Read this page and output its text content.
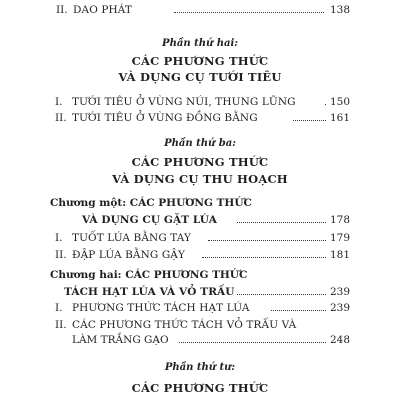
II. DAO PHÁT	138
Phần thứ hai:
CÁC PHƯƠNG THỨC
VÀ DỤNG CỤ TƯỚI TIÊU
I. TƯỚI TIÊU Ở VÙNG NÚI, THUNG LŨNG	150
II. TƯỚI TIÊU Ở VÙNG ĐỒNG BẰNG	161
Phần thứ ba:
CÁC PHƯƠNG THỨC
VÀ DỤNG CỤ THU HOẠCH
Chương một: CÁC PHƯƠNG THỨC
VÀ DỤNG CỤ GẶT LÚA	178
I. TUỐT LÚA BẰNG TAY	179
II. ĐẬP LÚA BẰNG GẬY	181
Chương hai: CÁC PHƯƠNG THỨC
TÁCH HẠT LÚA VÀ VỎ TRẤU	239
I. PHƯƠNG THỨC TÁCH HẠT LÚA	239
II. CÁC PHƯƠNG THỨC TÁCH VỎ TRẤU VÀ
LÀM TRẮNG GẠO	248
Phần thứ tư:
CÁC PHƯƠNG THỨC
